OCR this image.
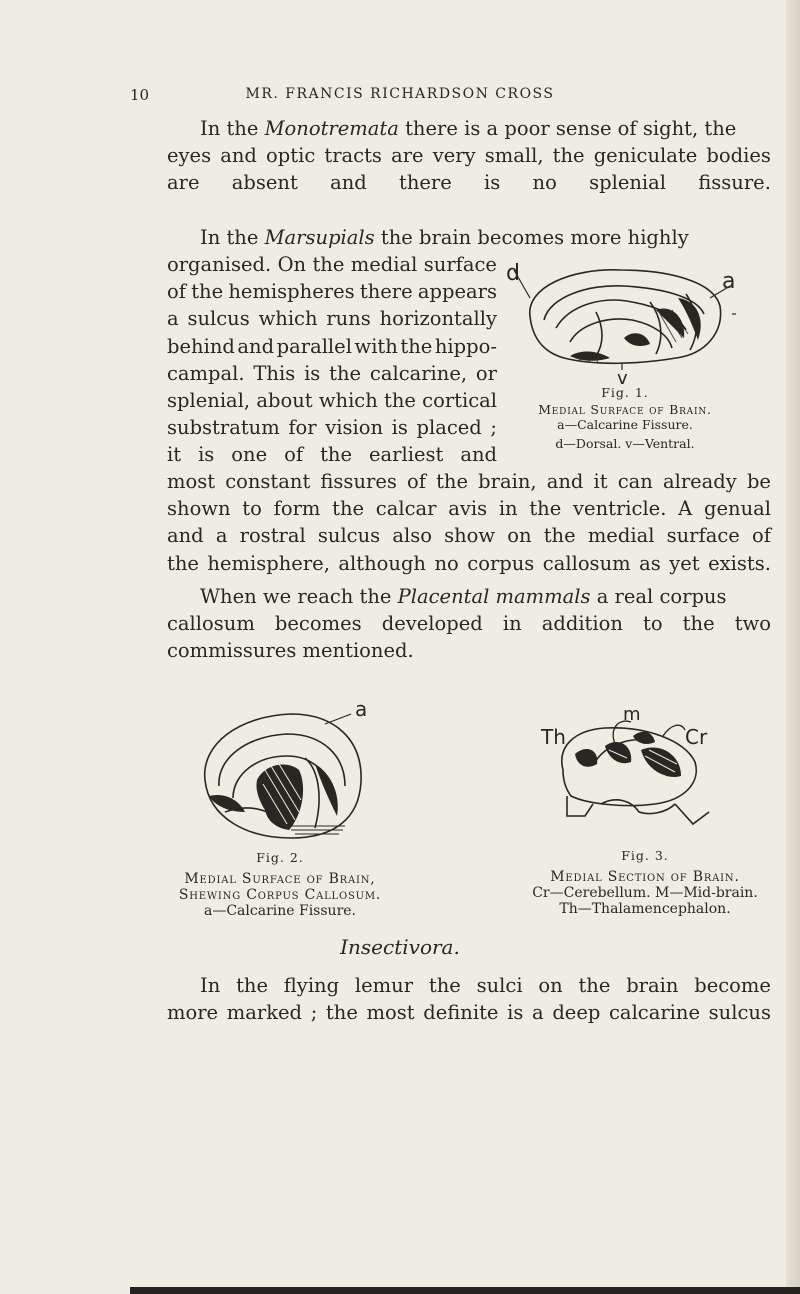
10	MR. FRANCIS RICHARDSON CROSS
In the Monotremata there is a poor sense of sight, the
eyes and optic tracts are very small, the geniculate bodies
are absent and there is no splenial fissure.
In the Marsupials the brain becomes more highly
organised. On the medial surface
of the hemispheres there appears
a sulcus which runs horizontally
behind and parallel with the hippo-
campal. This is the calcarine, or
splenial, about which the cortical
substratum for vision is placed ;
it is one of the earliest and
most constant fissures of the brain, and it can already be
shown to form the calcar avis in the ventricle. A genual
and a rostral sulcus also show on the medial surface of
the hemisphere, although no corpus callosum as yet exists.
When we reach the Placental mammals a real corpus
callosum becomes developed in addition to the two
commissures mentioned.
d	a
v
Fig. 1.
Medial Surface of Brain.
a—Calcarine Fissure.
d—Dorsal. v—Ventral.
a
Fig. 2.
Medial Surface of Brain,
Shewing Corpus Callosum.
a—Calcarine Fissure.
Th
m
Cr
Fig. 3.
Medial Section of Brain.
Cr—Cerebellum. M—Mid-brain.
Th—Thalamencephalon.
Insectivora.
In the flying lemur the sulci on the brain become
more marked ; the most definite is a deep calcarine sulcus
